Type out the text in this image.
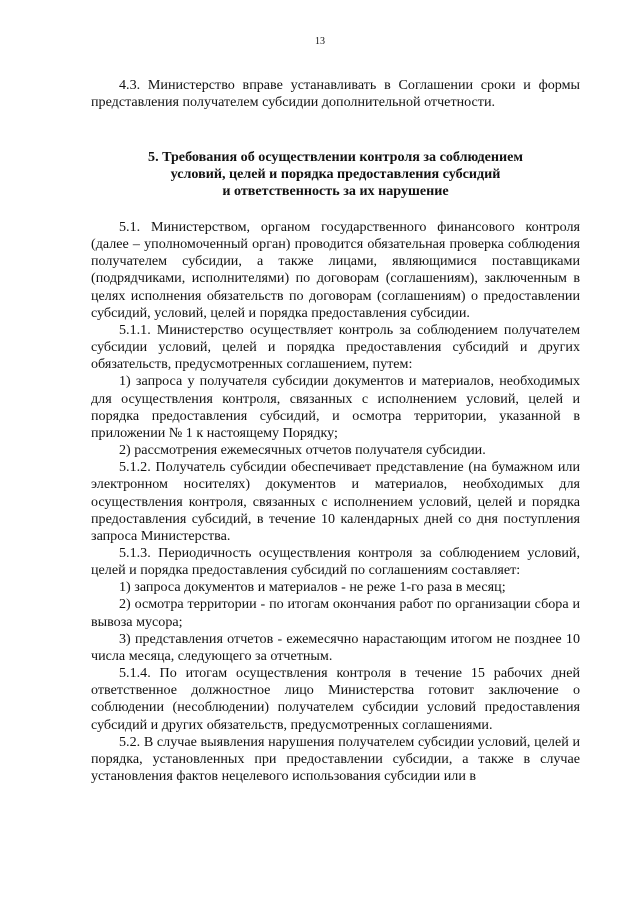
13

4.3. Министерство вправе устанавливать в Соглашении сроки и формы представления получателем субсидии дополнительной отчетности.

5. Требования об осуществлении контроля за соблюдением
условий, целей и порядка предоставления субсидий
и ответственность за их нарушение

5.1. Министерством, органом государственного финансового контроля (далее – уполномоченный орган) проводится обязательная проверка соблюдения получателем субсидии, а также лицами, являющимися поставщиками (подрядчиками, исполнителями) по договорам (соглашениям), заключенным в целях исполнения обязательств по договорам (соглашениям) о предоставлении субсидий, условий, целей и порядка предоставления субсидии.

5.1.1. Министерство осуществляет контроль за соблюдением получателем субсидии условий, целей и порядка предоставления субсидий и других обязательств, предусмотренных соглашением, путем:

1) запроса у получателя субсидии документов и материалов, необходимых для осуществления контроля, связанных с исполнением условий, целей и порядка предоставления субсидий, и осмотра территории, указанной в приложении № 1 к настоящему Порядку;

2) рассмотрения ежемесячных отчетов получателя субсидии.

5.1.2. Получатель субсидии обеспечивает представление (на бумажном или электронном носителях) документов и материалов, необходимых для осуществления контроля, связанных с исполнением условий, целей и порядка предоставления субсидий, в течение 10 календарных дней со дня поступления запроса Министерства.

5.1.3. Периодичность осуществления контроля за соблюдением условий, целей и порядка предоставления субсидий по соглашениям составляет:

1) запроса документов и материалов - не реже 1-го раза в месяц;

2) осмотра территории - по итогам окончания работ по организации сбора и вывоза мусора;

3) представления отчетов - ежемесячно нарастающим итогом не позднее 10 числа месяца, следующего за отчетным.

5.1.4. По итогам осуществления контроля в течение 15 рабочих дней ответственное должностное лицо Министерства готовит заключение о соблюдении (несоблюдении) получателем субсидии условий предоставления субсидий и других обязательств, предусмотренных соглашениями.

5.2. В случае выявления нарушения получателем субсидии условий, целей и порядка, установленных при предоставлении субсидии, а также в случае установления фактов нецелевого использования субсидии или в
